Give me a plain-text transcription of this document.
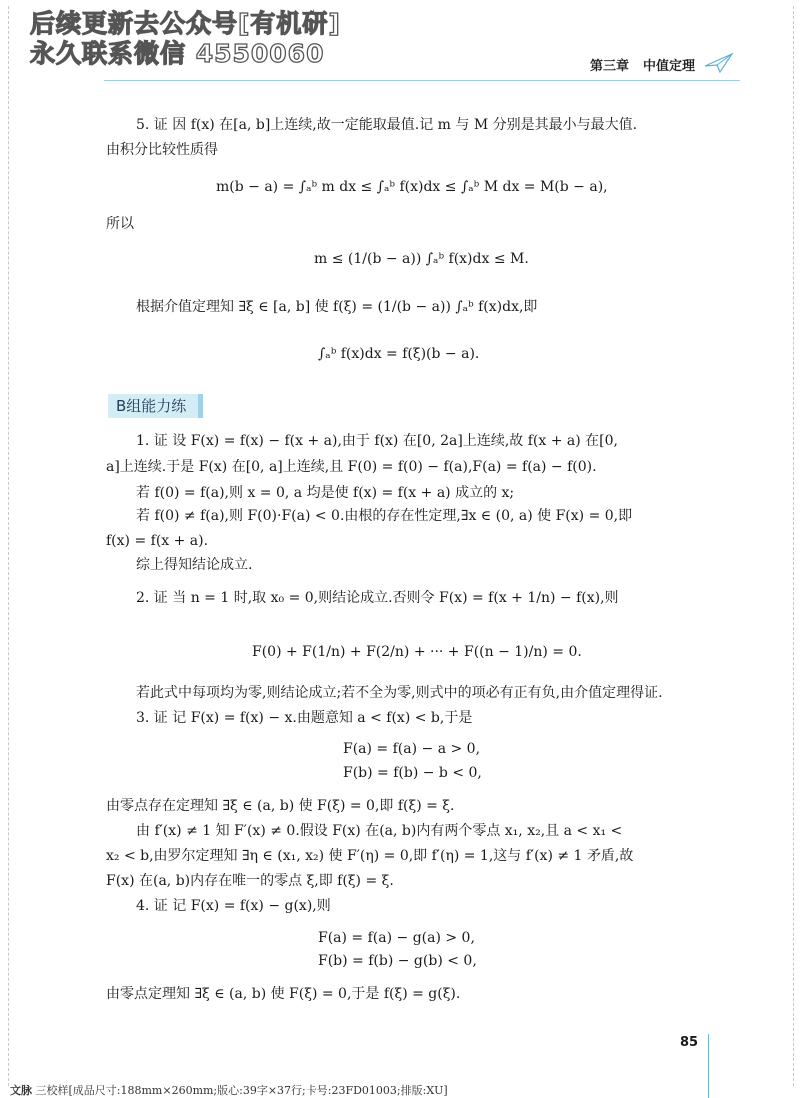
后续更新去公众号[有机研]
永久联系微信 4550060	第三章 中值定理
5. 证 因 f(x) 在[a, b]上连续,故一定能取最值.记 m 与 M 分别是其最小与最大值.
由积分比较性质得
m(b − a) = ∫ₐᵇ m dx ≤ ∫ₐᵇ f(x)dx ≤ ∫ₐᵇ M dx = M(b − a),
所以
m ≤ (1/(b − a)) ∫ₐᵇ f(x)dx ≤ M.
根据介值定理知 ∃ξ ∈ [a, b] 使 f(ξ) = (1/(b − a)) ∫ₐᵇ f(x)dx,即
∫ₐᵇ f(x)dx = f(ξ)(b − a).
B组能力练
1. 证 设 F(x) = f(x) − f(x + a),由于 f(x) 在[0, 2a]上连续,故 f(x + a) 在[0,
a]上连续.于是 F(x) 在[0, a]上连续,且 F(0) = f(0) − f(a),F(a) = f(a) − f(0).
若 f(0) = f(a),则 x = 0, a 均是使 f(x) = f(x + a) 成立的 x;
若 f(0) ≠ f(a),则 F(0)·F(a) < 0.由根的存在性定理,∃x ∈ (0, a) 使 F(x) = 0,即
f(x) = f(x + a).
综上得知结论成立.
2. 证 当 n = 1 时,取 x₀ = 0,则结论成立.否则令 F(x) = f(x + 1/n) − f(x),则
F(0) + F(1/n) + F(2/n) + ··· + F((n − 1)/n) = 0.
若此式中每项均为零,则结论成立;若不全为零,则式中的项必有正有负,由介值定理得证.
3. 证 记 F(x) = f(x) − x.由题意知 a < f(x) < b,于是
F(a) = f(a) − a > 0,
F(b) = f(b) − b < 0,
由零点存在定理知 ∃ξ ∈ (a, b) 使 F(ξ) = 0,即 f(ξ) = ξ.
由 f′(x) ≠ 1 知 F′(x) ≠ 0.假设 F(x) 在(a, b)内有两个零点 x₁, x₂,且 a < x₁ <
x₂ < b,由罗尔定理知 ∃η ∈ (x₁, x₂) 使 F′(η) = 0,即 f′(η) = 1,这与 f′(x) ≠ 1 矛盾,故
F(x) 在(a, b)内存在唯一的零点 ξ,即 f(ξ) = ξ.
4. 证 记 F(x) = f(x) − g(x),则
F(a) = f(a) − g(a) > 0,
F(b) = f(b) − g(b) < 0,
由零点定理知 ∃ξ ∈ (a, b) 使 F(ξ) = 0,于是 f(ξ) = g(ξ).
85
文脉 三校样[成品尺寸:188mm×260mm;版心:39字×37行;卡号:23FD01003;排版:XU]
